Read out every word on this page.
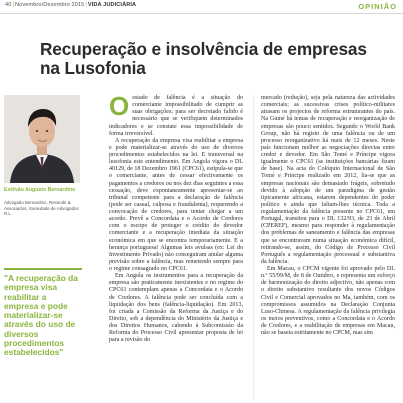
40|Novembro/Dezembro 2015|VIDA JUDICIÁRIA	OPINIÃO
Recuperação e insolvência de empresas na Lusofonia
Estêvão Augusto Bernardino
Advogado Bernardino, Resende & Associados, Sociedade de Advogados R.L.
"A recuperação da empresa visa reabilitar a empresa e pode materializar-se através do uso de diversos procedimentos estabelecidos"

Oestado de falência é a situação do comerciante impossibilitado de cumprir as suas obrigações; para ser decretado falido é necessário que se verifiquem determinados indicadores e se constate essa impossibilidade de forma irreversível.

A recuperação da empresa visa reabilitar a empresa e pode materializar-se através do uso de diversos procedimentos estabelecidos na lei. E transversal na lusofonia este entendimento. Em Angola vigora o DL 40129, de 18 Dezembro 1961 (CPC61), estipula-se que o comerciante, antes de cessar efectivamente os pagamentos a credores ou nos dez dias seguintes a essa cessação, deve expontaneamente apresentar-se ao tribunal competente para a declaração de falência (pode ser casual, culposa e fraudulenta), requerendo a convocação de credores, para tentar chegar a um acordo. Prevê a Concordata e o Acordo de Credores com o escopo de proteger o crédito do devedor comerciante e a recuperação imediata da situação económica em que se encontra temporariamente. E a herança portuguesa! Algumas leis avulsas (ex: Lei do Investimento Privado) não conseguiram anular alguma previsão sobre a falência, mas remetendo sempre para o regime consagrado no CPC61.

Em Angola os instrumentos para a recuperação da empresa são praticamente inexistentes e no regime do CPC61 contemplam apenas a Concordata e o Acordo de Credores. A falência pode ser concluída com a liquidação dos bens (falência-liquidação). Em 2013, foi criada a Comissão da Reforma da Justiça e do Direito, sob a dependência do Ministério da Justiça e dos Direitos Humanos, cabendo à Subcomissão da Reforma do Processo Civil apresentar proposta de lei para a revisão do

mercado (redução), seja pela natureza das actividades comerciais; as sucessivas crises político-militares atrasam os projectos de reforma estruturantes do país. Na Guiné há temas de recuperação e reorganização de empresas são pouco sentidos. Segundo o World Bank Group, não há registo de uma falência ou de um processo reorganizativo há mais de 12 meses. Neste país funcionam melhor as negociações directas entre credor e devedor. Em São Tomé e Príncipe vigora igualmente o CPC61 (as instituições bancárias fizam de base). Na acta do Colóquio Internacional de São Tomé e Príncipe realizado em 2012, lia-se que as empresas nacionais são demasiado frágeis, sobretudo devido à adopção de um paradigma de gestão tipicamente africana, estarem dependentes do poder político e ainda que faltam-lhes técnica. Toda a regulamentação da falência presente no CPC61, em Portugal, transitou para o DL 132/93, de 23 de Abril (CPEREF), mesmo para responder à regulamentação dos problemas de saneamento e falência das empresas que se encontravam numa situação económica difícil, retirando-se, assim, do Código de Processo Civil Português a regulamentação processual e substantiva da falência.

Em Macau, o CPCM vigente foi aprovado pelo DL n.º 55/99/M, de 8 de Outubro, e representa um esforço de harmonização do direito adjectivo, não apenas com o direito substantivo resultante dos novos Códigos Civil e Comercial aprovados no Ma, também, com os compromissos assumidos na Declaração Conjunta Luso-Chinesa. A regulamentação da falência privilegia os meios preventivos, como a Concordata e o Acordo de Credores, e a reabilitação de empresas em Macau, não se baseia estritamente no CPCM, mas sim
